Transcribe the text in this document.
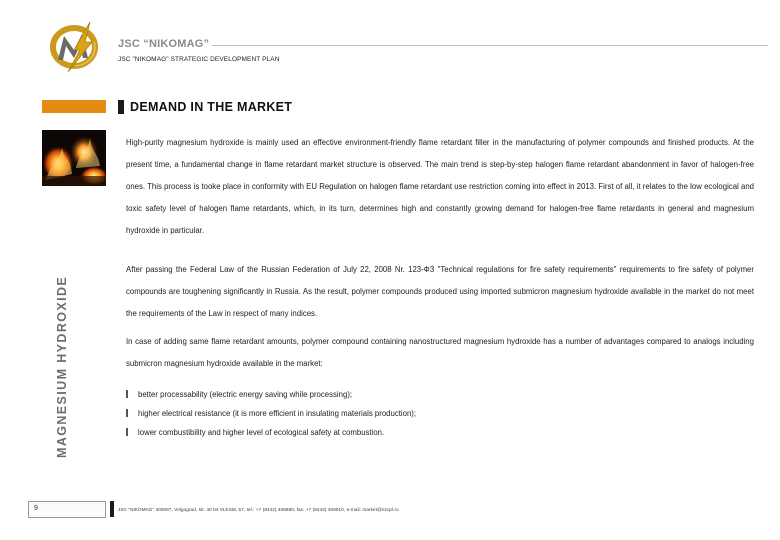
JSC “NIKOMAG”
JSC "NIKOMAG" STRATEGIC DEVELOPMENT PLAN
DEMAND IN THE MARKET
MAGNESIUM HYDROXIDE

High-purity magnesium hydroxide is mainly used an effective environment-friendly flame retardant filler in the manufacturing of polymer compounds and finished products. At the present time, a fundamental change in flame retardant market structure is observed. The main trend is step-by-step halogen flame retardant abandonment in favor of halogen-free ones. This process is tooke place in conformity with EU Regulation on halogen flame retardant use restriction coming into effect in 2013. First of all, it relates to the low ecological and toxic safety level of halogen flame retardants, which, in its turn, determines high and constantly growing demand for halogen-free flame retardants in general and magnesium hydroxide in particular.

After passing the Federal Law of the Russian Federation of July 22, 2008 Nr. 123-ФЗ "Technical regulations for fire safety requirements" requirements to fire safety of polymer compounds are toughening significantly in Russia. As the result, polymer compounds produced using imported submicron magnesium hydroxide available in the market do not meet the requirements of the Law in respect of many indices.

In case of adding same flame retardant amounts, polymer compound containing nanostructured magnesium hydroxide has a number of advantages compared to analogs including submicron magnesium hydroxide available in the market:

better processability (electric energy saving while processing);
higher electrical resistance (it is more efficient in insulating materials production);
lower combustibility and higher level of ecological safety at combustion.
9	JSC "NIKOMAG" 400087, Volgograd, str. 40 let VLKSM, 57, tel.: +7 (8442) 408980, fax: +7 (8442) 408010, e-mail: market@nzcpl.ru
